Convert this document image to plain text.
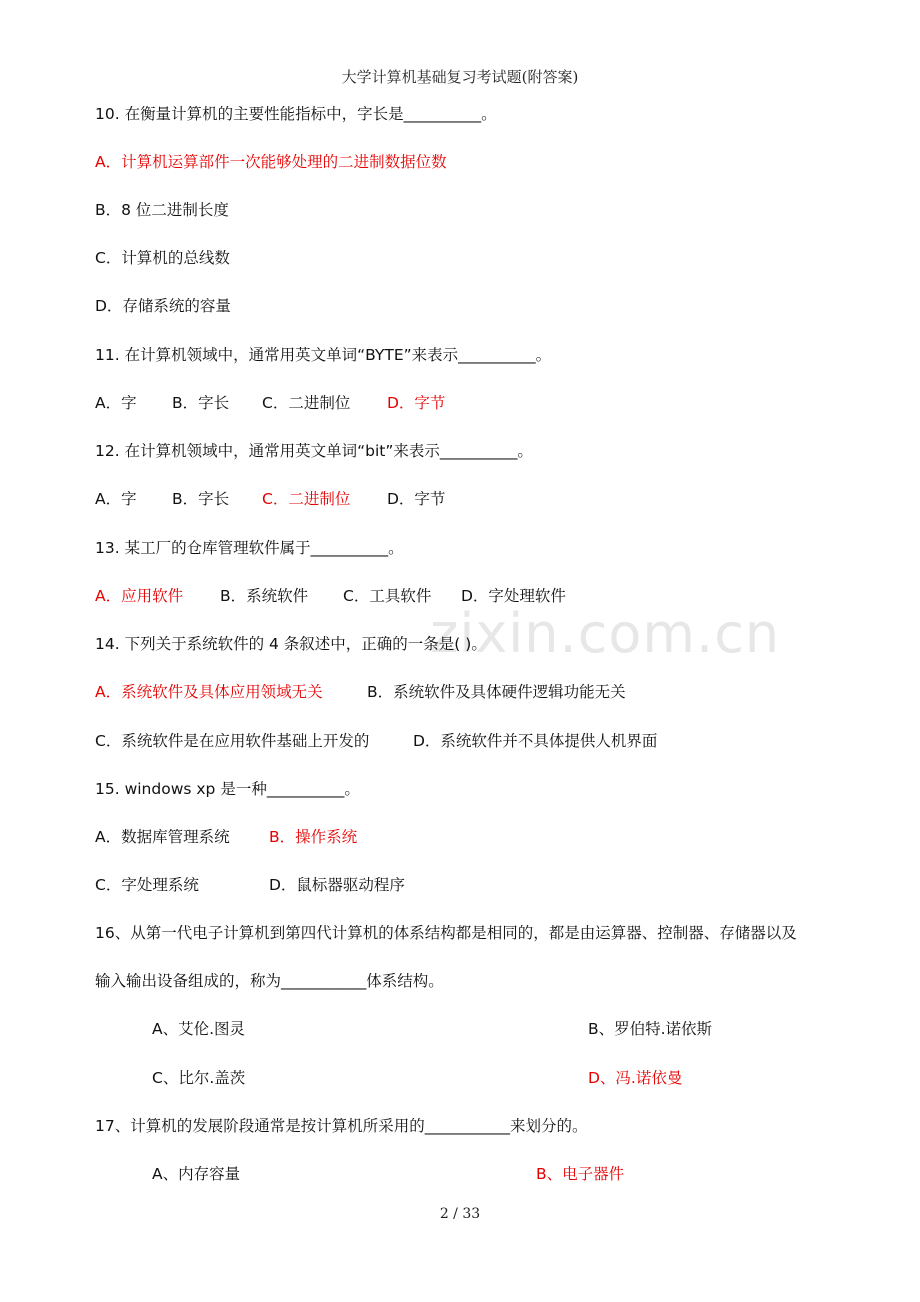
大学计算机基础复习考试题(附答案)
zixin.com.cn
10. 在衡量计算机的主要性能指标中，字长是__________。
A．计算机运算部件一次能够处理的二进制数据位数
B．8 位二进制长度
C．计算机的总线数
D．存储系统的容量
11. 在计算机领域中，通常用英文单词“BYTE”来表示__________。
A．字 B．字长 C．二进制位 D．字节
12. 在计算机领域中，通常用英文单词“bit”来表示__________。
A．字 B．字长 C．二进制位 D．字节
13. 某工厂的仓库管理软件属于__________。
A．应用软件 B．系统软件 C．工具软件 D．字处理软件
14. 下列关于系统软件的 4 条叙述中，正确的一条是( )。
A．系统软件及具体应用领域无关	B．系统软件及具体硬件逻辑功能无关
C．系统软件是在应用软件基础上开发的	D．系统软件并不具体提供人机界面
15. windows xp 是一种__________。
A．数据库管理系统	B．操作系统
C．字处理系统	D．鼠标器驱动程序
16、从第一代电子计算机到第四代计算机的体系结构都是相同的，都是由运算器、控制器、存储器以及
输入输出设备组成的，称为___________体系结构。
A、艾伦.图灵	B、罗伯特.诺依斯
C、比尔.盖茨	D、冯.诺依曼
17、计算机的发展阶段通常是按计算机所采用的___________来划分的。
A、内存容量	B、电子器件
2 / 33
